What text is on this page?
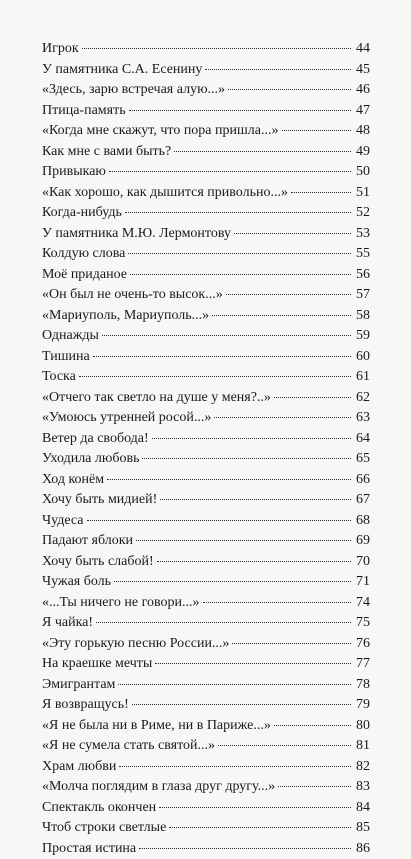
Игрок	44
У памятника С.А. Есенину	45
«Здесь, зарю встречая алую...»	46
Птица-память	47
«Когда мне скажут, что пора пришла...»	48
Как мне с вами быть?	49
Привыкаю	50
«Как хорошо, как дышится привольно...»	51
Когда-нибудь	52
У памятника М.Ю. Лермонтову	53
Колдую слова	55
Моё приданое	56
«Он был не очень-то высок...»	57
«Мариуполь, Мариуполь...»	58
Однажды	59
Тишина	60
Тоска	61
«Отчего так светло на душе у меня?..»	62
«Умоюсь утренней росой...»	63
Ветер да свобода!	64
Уходила любовь	65
Ход конём	66
Хочу быть мидией!	67
Чудеса	68
Падают яблоки	69
Хочу быть слабой!	70
Чужая боль	71
«...Ты ничего не говори...»	74
Я чайка!	75
«Эту горькую песню России...»	76
На краешке мечты	77
Эмигрантам	78
Я возвращусь!	79
«Я не была ни в Риме, ни в Париже...»	80
«Я не сумела стать святой...»	81
Храм любви	82
«Молча поглядим в глаза друг другу...»	83
Спектакль окончен	84
Чтоб строки светлые	85
Простая истина	86
